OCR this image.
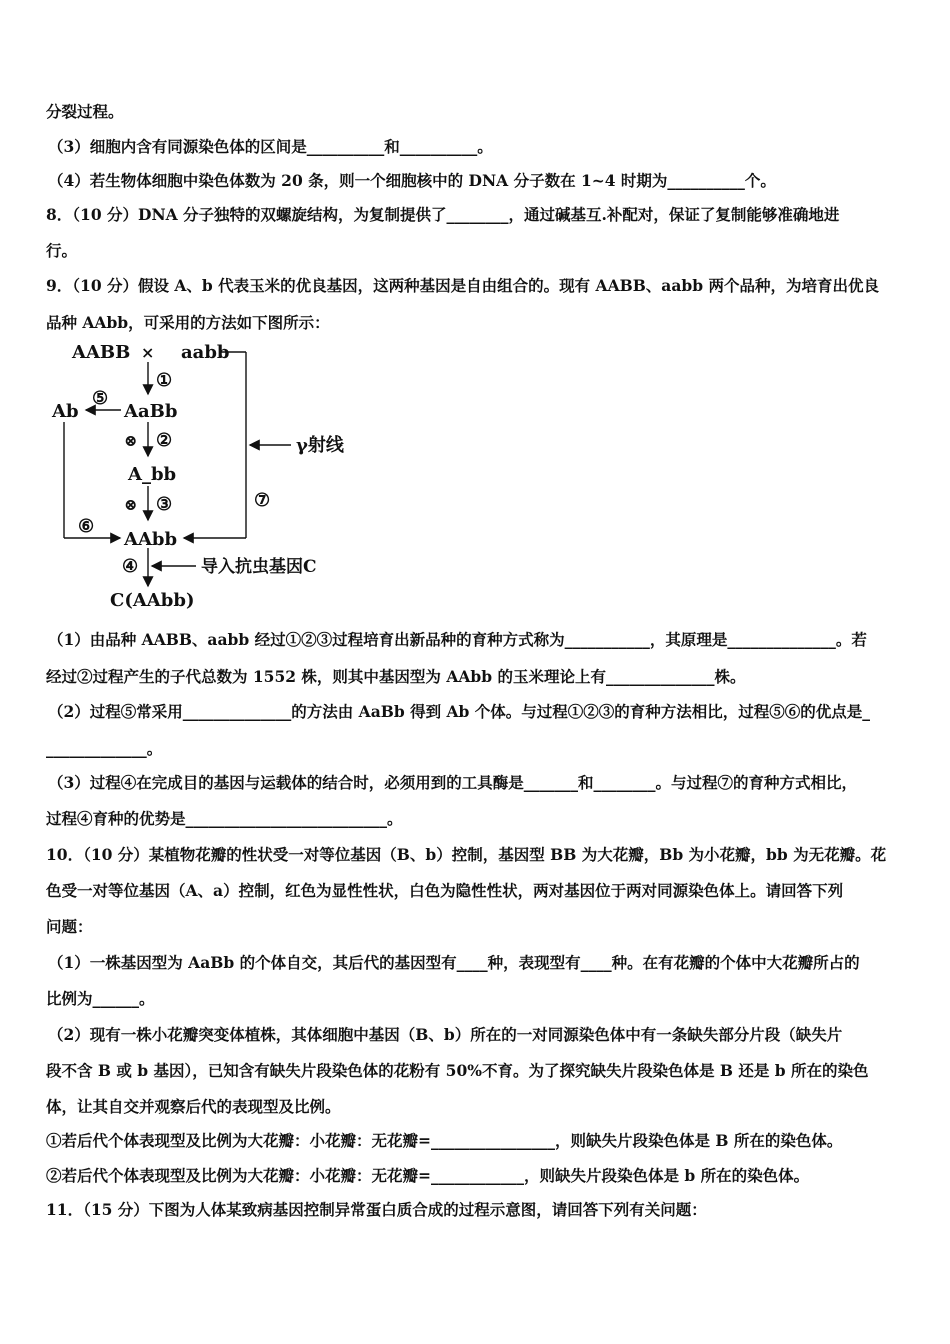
分裂过程。
（3）细胞内含有同源染色体的区间是__________和__________。
（4）若生物体细胞中染色体数为 20 条，则一个细胞核中的 DNA 分子数在 1~4 时期为__________个。
8．（10 分）DNA 分子独特的双螺旋结构，为复制提供了________，通过碱基互.补配对，保证了复制能够准确地进
行。
9．（10 分）假设 A、b 代表玉米的优良基因，这两种基因是自由组合的。现有 AABB、aabb 两个品种，为培育出优良
品种 AAbb，可采用的方法如下图所示：
AABB × aabb
①
Ab
⑤
AaBb
⊗ ②	γ射线
A_bb
⑦
⊗ ③
⑥
AAbb
④	导入抗虫基因C
C(AAbb)
（1）由品种 AABB、aabb 经过①②③过程培育出新品种的育种方式称为___________，其原理是______________。若
经过②过程产生的子代总数为 1552 株，则其中基因型为 AAbb 的玉米理论上有______________株。
（2）过程⑤常采用______________的方法由 AaBb 得到 Ab 个体。与过程①②③的育种方法相比，过程⑤⑥的优点是_
_____________。
（3）过程④在完成目的基因与运载体的结合时，必须用到的工具酶是_______和________。与过程⑦的育种方式相比，
过程④育种的优势是__________________________。
10．（10 分）某植物花瓣的性状受一对等位基因（B、b）控制，基因型 BB 为大花瓣，Bb 为小花瓣，bb 为无花瓣。花
色受一对等位基因（A、a）控制，红色为显性性状，白色为隐性性状，两对基因位于两对同源染色体上。请回答下列
问题：
（1）一株基因型为 AaBb 的个体自交，其后代的基因型有____种，表现型有____种。在有花瓣的个体中大花瓣所占的
比例为______。
（2）现有一株小花瓣突变体植株，其体细胞中基因（B、b）所在的一对同源染色体中有一条缺失部分片段（缺失片
段不含 B 或 b 基因），已知含有缺失片段染色体的花粉有 50%不育。为了探究缺失片段染色体是 B 还是 b 所在的染色
体，让其自交并观察后代的表现型及比例。
①若后代个体表现型及比例为大花瓣：小花瓣：无花瓣=________________，则缺失片段染色体是 B 所在的染色体。
②若后代个体表现型及比例为大花瓣：小花瓣：无花瓣=____________，则缺失片段染色体是 b 所在的染色体。
11．（15 分）下图为人体某致病基因控制异常蛋白质合成的过程示意图，请回答下列有关问题：
